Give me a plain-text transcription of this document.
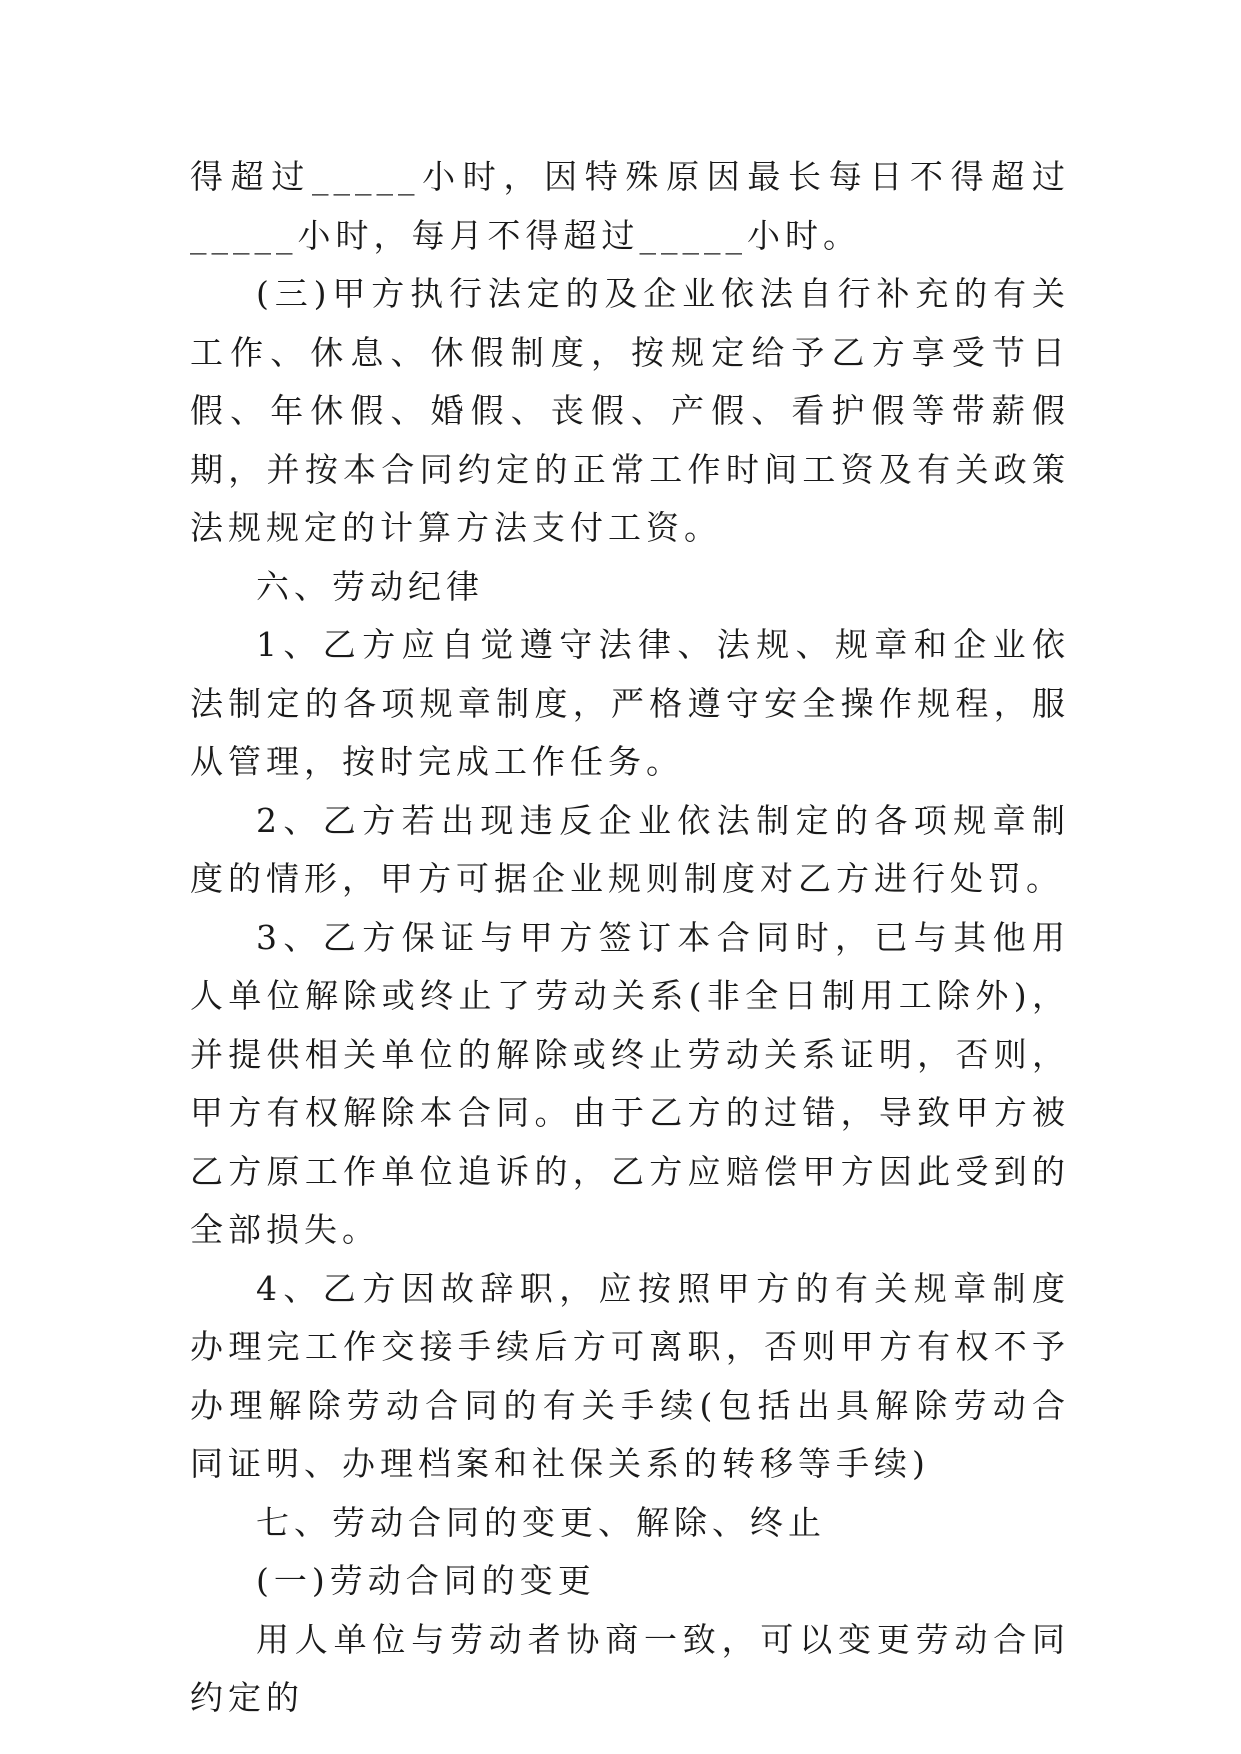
得超过_____小时，因特殊原因最长每日不得超过_____小时，每月不得超过_____小时。

(三)甲方执行法定的及企业依法自行补充的有关工作、休息、休假制度，按规定给予乙方享受节日假、年休假、婚假、丧假、产假、看护假等带薪假期，并按本合同约定的正常工作时间工资及有关政策法规规定的计算方法支付工资。

六、劳动纪律

1、乙方应自觉遵守法律、法规、规章和企业依法制定的各项规章制度，严格遵守安全操作规程，服从管理，按时完成工作任务。

2、乙方若出现违反企业依法制定的各项规章制度的情形，甲方可据企业规则制度对乙方进行处罚。

3、乙方保证与甲方签订本合同时，已与其他用人单位解除或终止了劳动关系(非全日制用工除外)，并提供相关单位的解除或终止劳动关系证明，否则，甲方有权解除本合同。由于乙方的过错，导致甲方被乙方原工作单位追诉的，乙方应赔偿甲方因此受到的全部损失。

4、乙方因故辞职，应按照甲方的有关规章制度办理完工作交接手续后方可离职，否则甲方有权不予办理解除劳动合同的有关手续(包括出具解除劳动合同证明、办理档案和社保关系的转移等手续)

七、劳动合同的变更、解除、终止

(一)劳动合同的变更

用人单位与劳动者协商一致，可以变更劳动合同约定的
